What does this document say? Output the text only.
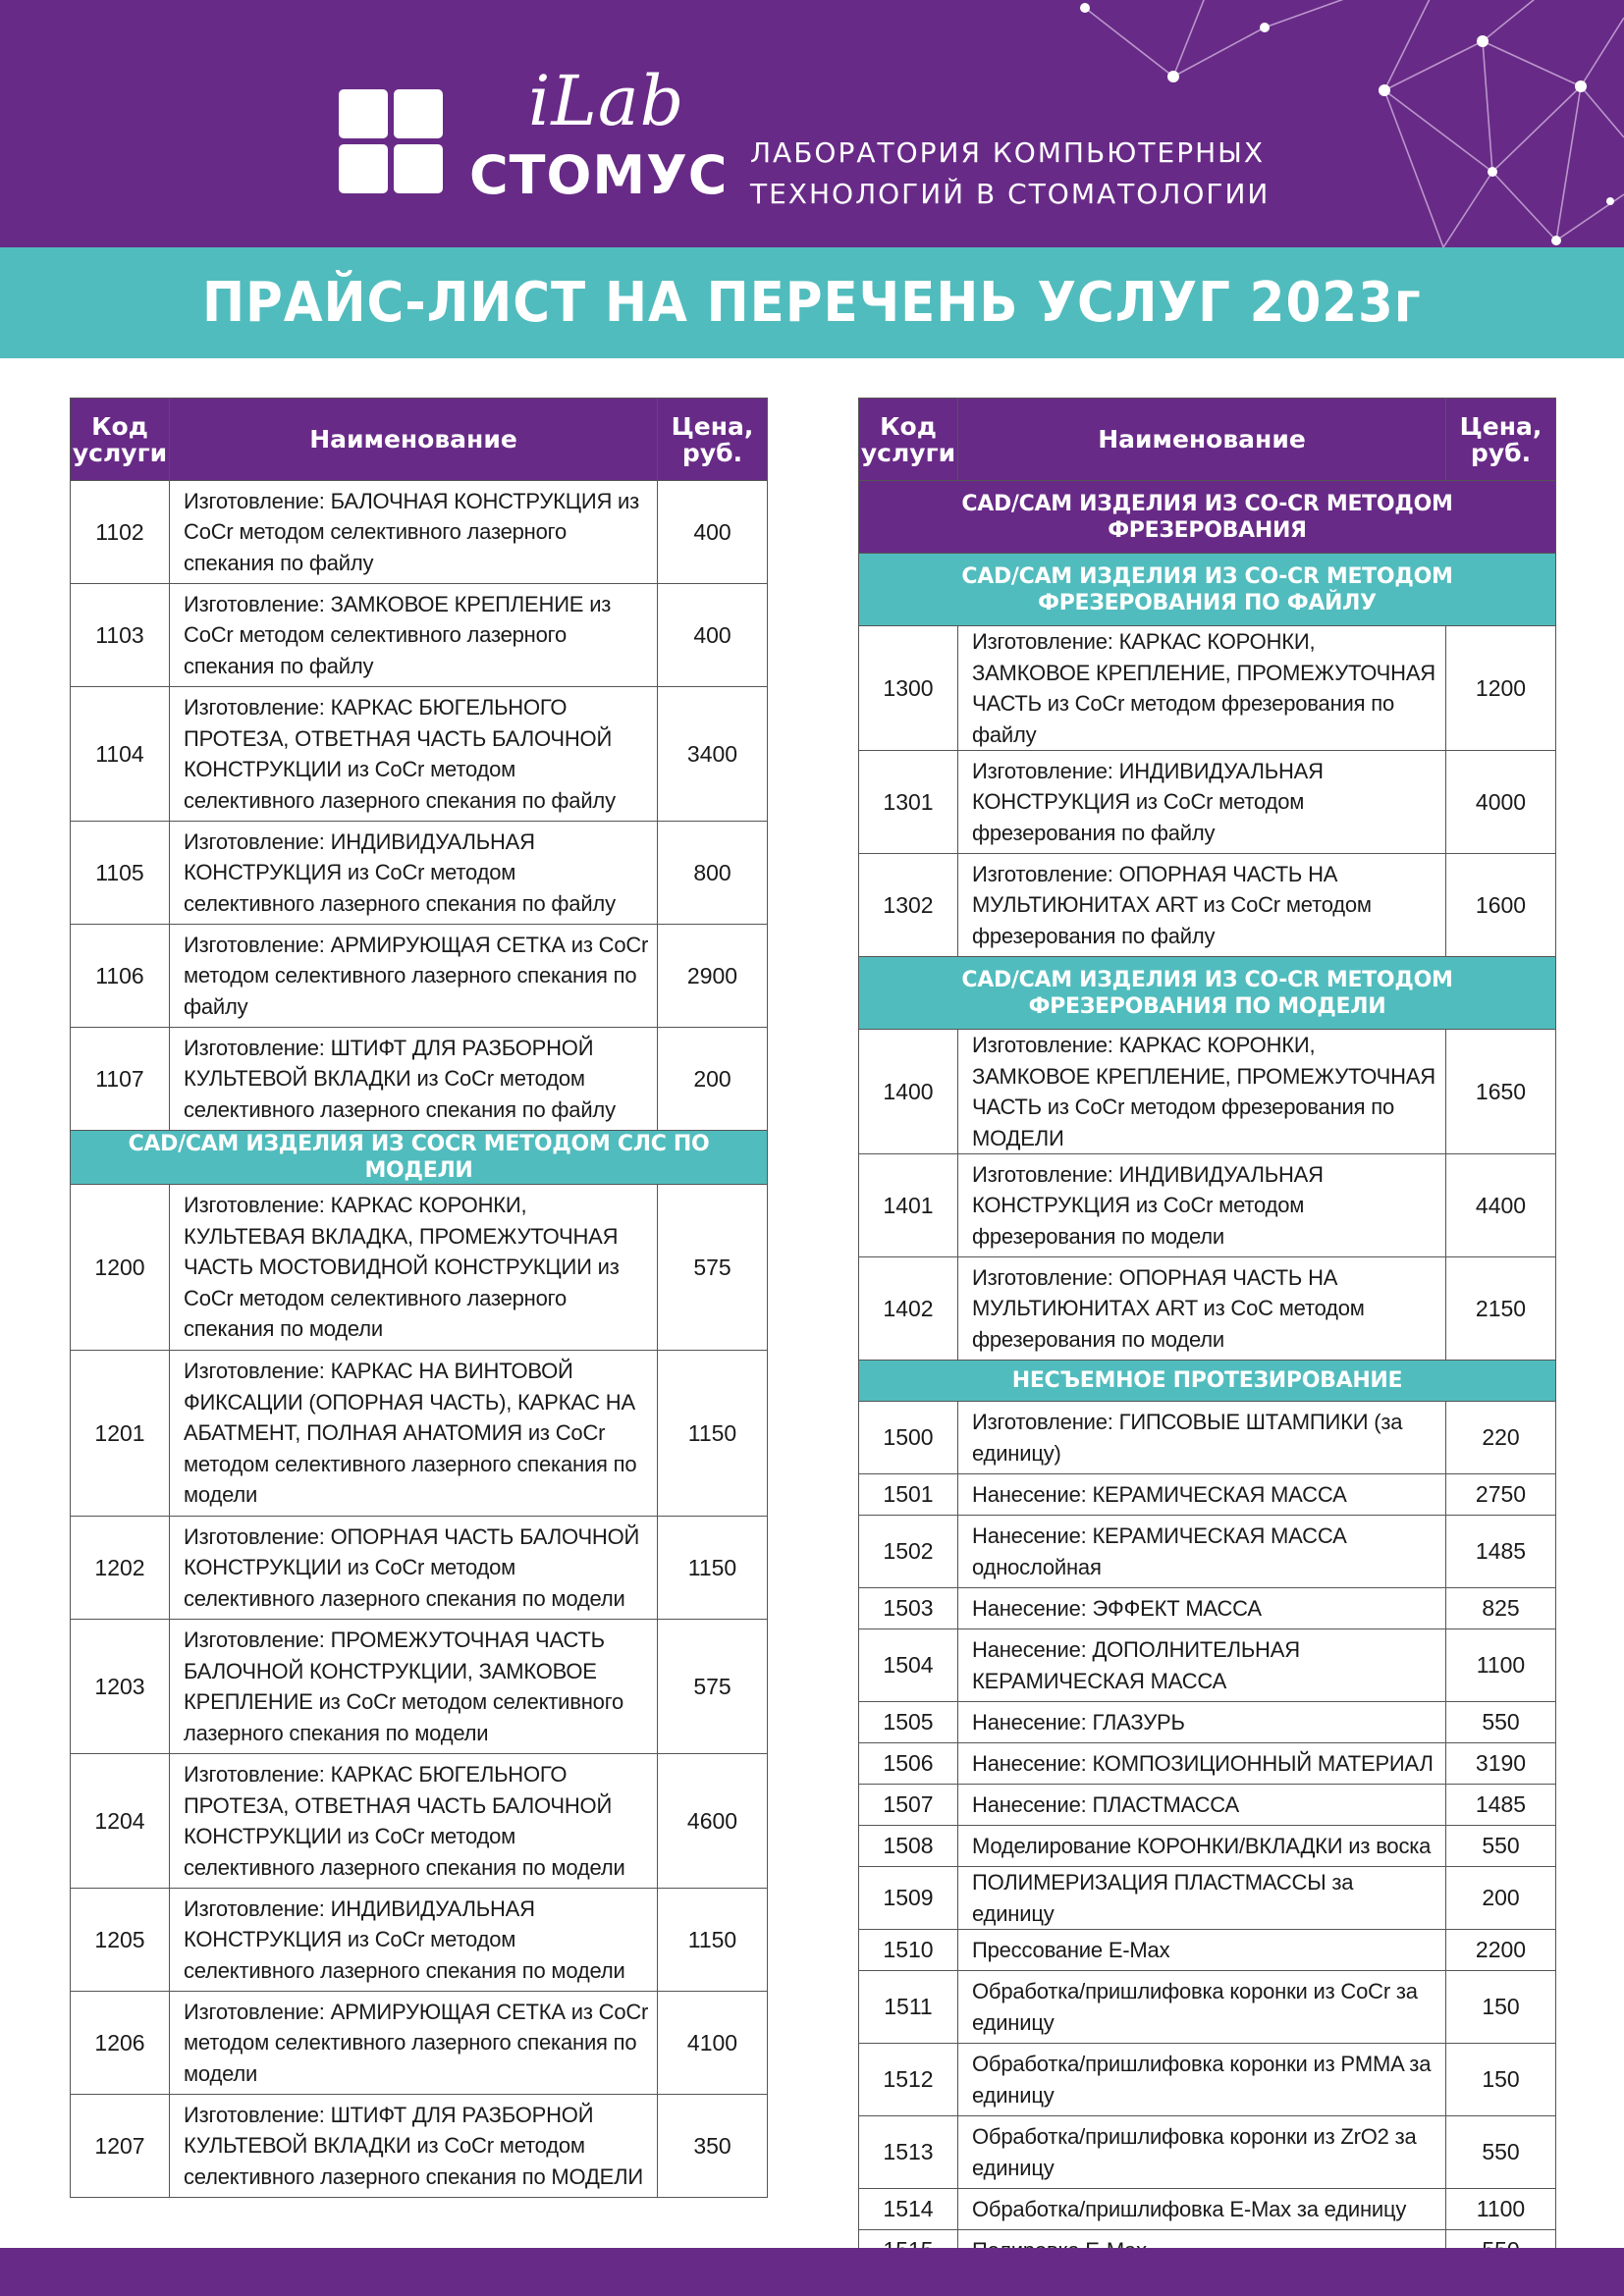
iLab
СТОМУС ЛАБОРАТОРИЯ КОМПЬЮТЕРНЫХ
ТЕХНОЛОГИЙ В СТОМАТОЛОГИИ
ПРАЙС-ЛИСТ НА ПЕРЕЧЕНЬ УСЛУГ 2023г
Код услуги	Наименование	Цена, руб.
1102	Изготовление: БАЛОЧНАЯ КОНСТРУКЦИЯ из CoCr методом селективного лазерного спекания по файлу	400
1103	Изготовление: ЗАМКОВОЕ КРЕПЛЕНИЕ из CoCr методом селективного лазерного спекания по файлу	400
1104	Изготовление: КАРКАС БЮГЕЛЬНОГО ПРОТЕЗА, ОТВЕТНАЯ ЧАСТЬ БАЛОЧНОЙ КОНСТРУКЦИИ из CoCr методом селективного лазерного спекания по файлу	3400
1105	Изготовление: ИНДИВИДУАЛЬНАЯ КОНСТРУКЦИЯ из CoCr методом селективного лазерного спекания по файлу	800
1106	Изготовление: АРМИРУЮЩАЯ СЕТКА из CoCr методом селективного лазерного спекания по файлу	2900
1107	Изготовление: ШТИФТ ДЛЯ РАЗБОРНОЙ КУЛЬТЕВОЙ ВКЛАДКИ из CoCr методом селективного лазерного спекания по файлу	200
CAD/CAM ИЗДЕЛИЯ ИЗ COCR МЕТОДОМ СЛС ПО МОДЕЛИ		
1200	Изготовление: КАРКАС КОРОНКИ, КУЛЬТЕВАЯ ВКЛАДКА, ПРОМЕЖУТОЧНАЯ ЧАСТЬ МОСТОВИДНОЙ КОНСТРУКЦИИ из CoCr методом селективного лазерного спекания по модели	575
1201	Изготовление: КАРКАС НА ВИНТОВОЙ ФИКСАЦИИ (ОПОРНАЯ ЧАСТЬ), КАРКАС НА АБАТМЕНТ, ПОЛНАЯ АНАТОМИЯ из CoCr методом селективного лазерного спекания по модели	1150
1202	Изготовление: ОПОРНАЯ ЧАСТЬ БАЛОЧНОЙ КОНСТРУКЦИИ из CoCr методом селективного лазерного спекания по модели	1150
1203	Изготовление: ПРОМЕЖУТОЧНАЯ ЧАСТЬ БАЛОЧНОЙ КОНСТРУКЦИИ, ЗАМКОВОЕ КРЕПЛЕНИЕ из CoCr методом селективного лазерного спекания по модели	575
1204	Изготовление: КАРКАС БЮГЕЛЬНОГО ПРОТЕЗА, ОТВЕТНАЯ ЧАСТЬ БАЛОЧНОЙ КОНСТРУКЦИИ из CoCr методом селективного лазерного спекания по модели	4600
1205	Изготовление: ИНДИВИДУАЛЬНАЯ КОНСТРУКЦИЯ из CoCr методом селективного лазерного спекания по модели	1150
1206	Изготовление: АРМИРУЮЩАЯ СЕТКА из CoCr методом селективного лазерного спекания по модели	4100
1207	Изготовление: ШТИФТ ДЛЯ РАЗБОРНОЙ КУЛЬТЕВОЙ ВКЛАДКИ из CoCr методом селективного лазерного спекания по МОДЕЛИ	350
Код услуги	Наименование	Цена, руб.
CAD/CAM ИЗДЕЛИЯ ИЗ CO-CR МЕТОДОМ ФРЕЗЕРОВАНИЯ		
CAD/CAM ИЗДЕЛИЯ ИЗ CO-CR МЕТОДОМ ФРЕЗЕРОВАНИЯ ПО ФАЙЛУ		
1300	Изготовление: КАРКАС КОРОНКИ, ЗАМКОВОЕ КРЕПЛЕНИЕ, ПРОМЕЖУТОЧНАЯ ЧАСТЬ из CoCr методом фрезерования по файлу	1200
1301	Изготовление: ИНДИВИДУАЛЬНАЯ КОНСТРУКЦИЯ из CoCr методом фрезерования по файлу	4000
1302	Изготовление: ОПОРНАЯ ЧАСТЬ НА МУЛЬТИЮНИТАХ ART из CoCr методом фрезерования по файлу	1600
CAD/CAM ИЗДЕЛИЯ ИЗ CO-CR МЕТОДОМ ФРЕЗЕРОВАНИЯ ПО МОДЕЛИ		
1400	Изготовление: КАРКАС КОРОНКИ, ЗАМКОВОЕ КРЕПЛЕНИЕ, ПРОМЕЖУТОЧНАЯ ЧАСТЬ из CoCr методом фрезерования по МОДЕЛИ	1650
1401	Изготовление: ИНДИВИДУАЛЬНАЯ КОНСТРУКЦИЯ из CoCr методом фрезерования по модели	4400
1402	Изготовление: ОПОРНАЯ ЧАСТЬ НА МУЛЬТИЮНИТАХ ART из CoC методом фрезерования по модели	2150
НЕСЪЕМНОЕ ПРОТЕЗИРОВАНИЕ		
1500	Изготовление: ГИПСОВЫЕ ШТАМПИКИ (за единицу)	220
1501	Нанесение: КЕРАМИЧЕСКАЯ МАССА	2750
1502	Нанесение: КЕРАМИЧЕСКАЯ МАССА однослойная	1485
1503	Нанесение: ЭФФЕКТ МАССА	825
1504	Нанесение: ДОПОЛНИТЕЛЬНАЯ КЕРАМИЧЕСКАЯ МАССА	1100
1505	Нанесение: ГЛАЗУРЬ	550
1506	Нанесение: КОМПОЗИЦИОННЫЙ МАТЕРИАЛ	3190
1507	Нанесение: ПЛАСТМАССА	1485
1508	Моделирование КОРОНКИ/ВКЛАДКИ из воска	550
1509	ПОЛИМЕРИЗАЦИЯ ПЛАСТМАССЫ за единицу	200
1510	Прессование E-Max	2200
1511	Обработка/пришлифовка коронки из CoCr за единицу	150
1512	Обработка/пришлифовка коронки из PMMA за единицу	150
1513	Обработка/пришлифовка коронки из ZrO2 за единицу	550
1514	Обработка/пришлифовка E-Max за единицу	1100
